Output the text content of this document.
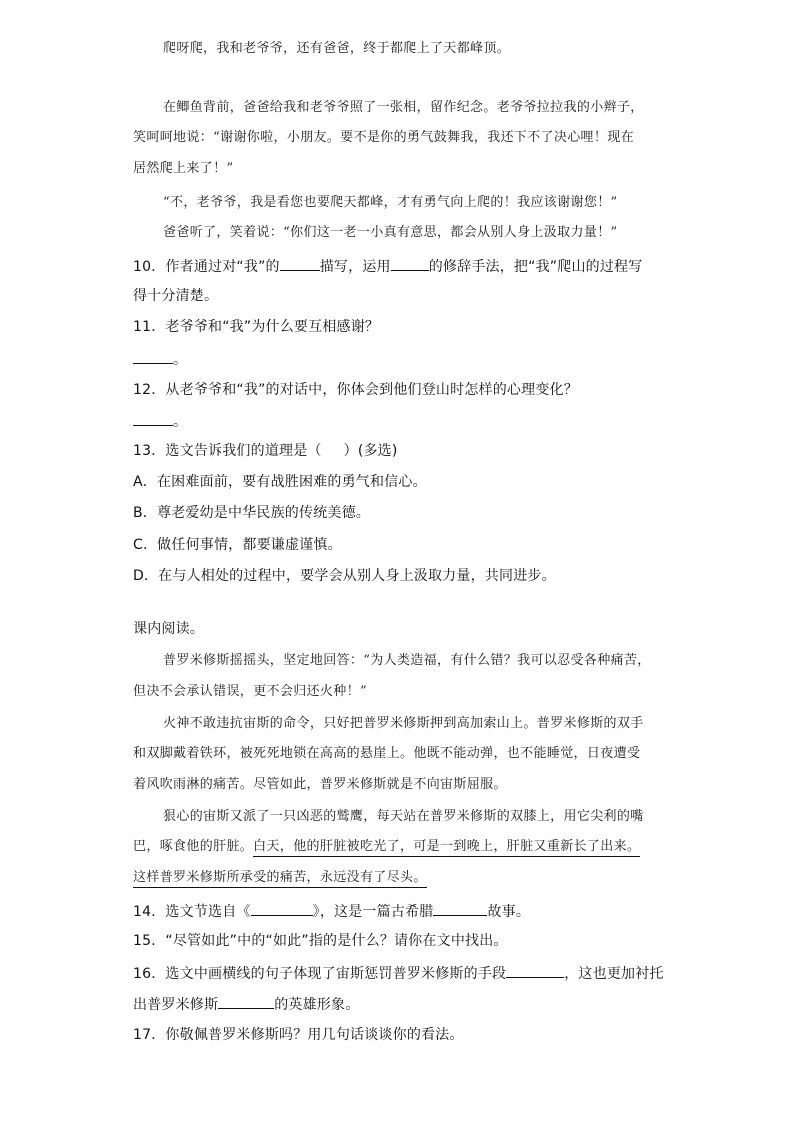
爬呀爬，我和老爷爷，还有爸爸，终于都爬上了天都峰顶。
在鲫鱼背前，爸爸给我和老爷爷照了一张相，留作纪念。老爷爷拉拉我的小辫子，
笑呵呵地说：“谢谢你啦，小朋友。要不是你的勇气鼓舞我，我还下不了决心哩！现在
居然爬上来了！”
“不，老爷爷，我是看您也要爬天都峰，才有勇气向上爬的！我应该谢谢您！”
爸爸听了，笑着说：“你们这一老一小真有意思，都会从别人身上汲取力量！”
10．作者通过对“我”的	描写，运用	的修辞手法，把“我”爬山的过程写
得十分清楚。
11．老爷爷和“我”为什么要互相感谢？
。
12．从老爷爷和“我”的对话中，你体会到他们登山时怎样的心理变化？
。
13．选文告诉我们的道理是（ ）(多选)
A．在困难面前，要有战胜困难的勇气和信心。
B．尊老爱幼是中华民族的传统美德。
C．做任何事情，都要谦虚谨慎。
D．在与人相处的过程中，要学会从别人身上汲取力量，共同进步。
课内阅读。
普罗米修斯摇摇头，坚定地回答：“为人类造福，有什么错？我可以忍受各种痛苦，
但决不会承认错误，更不会归还火种！”
火神不敢违抗宙斯的命令，只好把普罗米修斯押到高加索山上。普罗米修斯的双手
和双脚戴着铁环，被死死地锁在高高的悬崖上。他既不能动弹，也不能睡觉，日夜遭受
着风吹雨淋的痛苦。尽管如此，普罗米修斯就是不向宙斯屈服。
狠心的宙斯又派了一只凶恶的鹫鹰，每天站在普罗米修斯的双膝上，用它尖利的嘴
巴，啄食他的肝脏。白天，他的肝脏被吃光了，可是一到晚上，肝脏又重新长了出来。
这样普罗米修斯所承受的痛苦，永远没有了尽头。
14．选文节选自《	》，这是一篇古希腊	故事。
15．“尽管如此”中的“如此”指的是什么？请你在文中找出。
16．选文中画横线的句子体现了宙斯惩罚普罗米修斯的手段	，这也更加衬托
出普罗米修斯	的英雄形象。
17．你敬佩普罗米修斯吗？用几句话谈谈你的看法。
